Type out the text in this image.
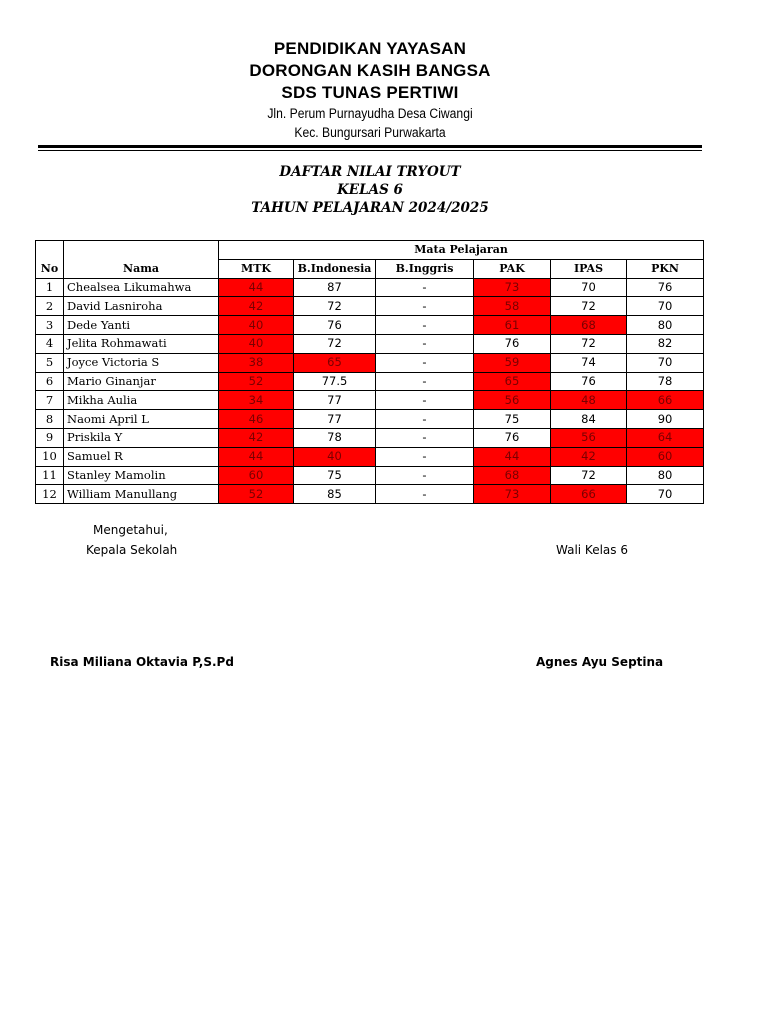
PENDIDIKAN YAYASAN
DORONGAN KASIH BANGSA
SDS TUNAS PERTIWI
Jln. Perum Purnayudha Desa Ciwangi
Kec. Bungursari Purwakarta
DAFTAR NILAI TRYOUT
KELAS 6
TAHUN PELAJARAN 2024/2025
		Mata Pelajaran					
No	Nama	MTK	B.Indonesia	B.Inggris	PAK	IPAS	PKN
1	Chealsea Likumahwa	44	87	-	73	70	76
2	David Lasniroha	42	72	-	58	72	70
3	Dede Yanti	40	76	-	61	68	80
4	Jelita Rohmawati	40	72	-	76	72	82
5	Joyce Victoria S	38	65	-	59	74	70
6	Mario Ginanjar	52	77.5	-	65	76	78
7	Mikha Aulia	34	77	-	56	48	66
8	Naomi April L	46	77	-	75	84	90
9	Priskila Y	42	78	-	76	56	64
10	Samuel R	44	40	-	44	42	60
11	Stanley Mamolin	60	75	-	68	72	80
12	William Manullang	52	85	-	73	66	70
Mengetahui,
Kepala Sekolah	Wali Kelas 6
Risa Miliana Oktavia P,S.Pd	Agnes Ayu Septina
